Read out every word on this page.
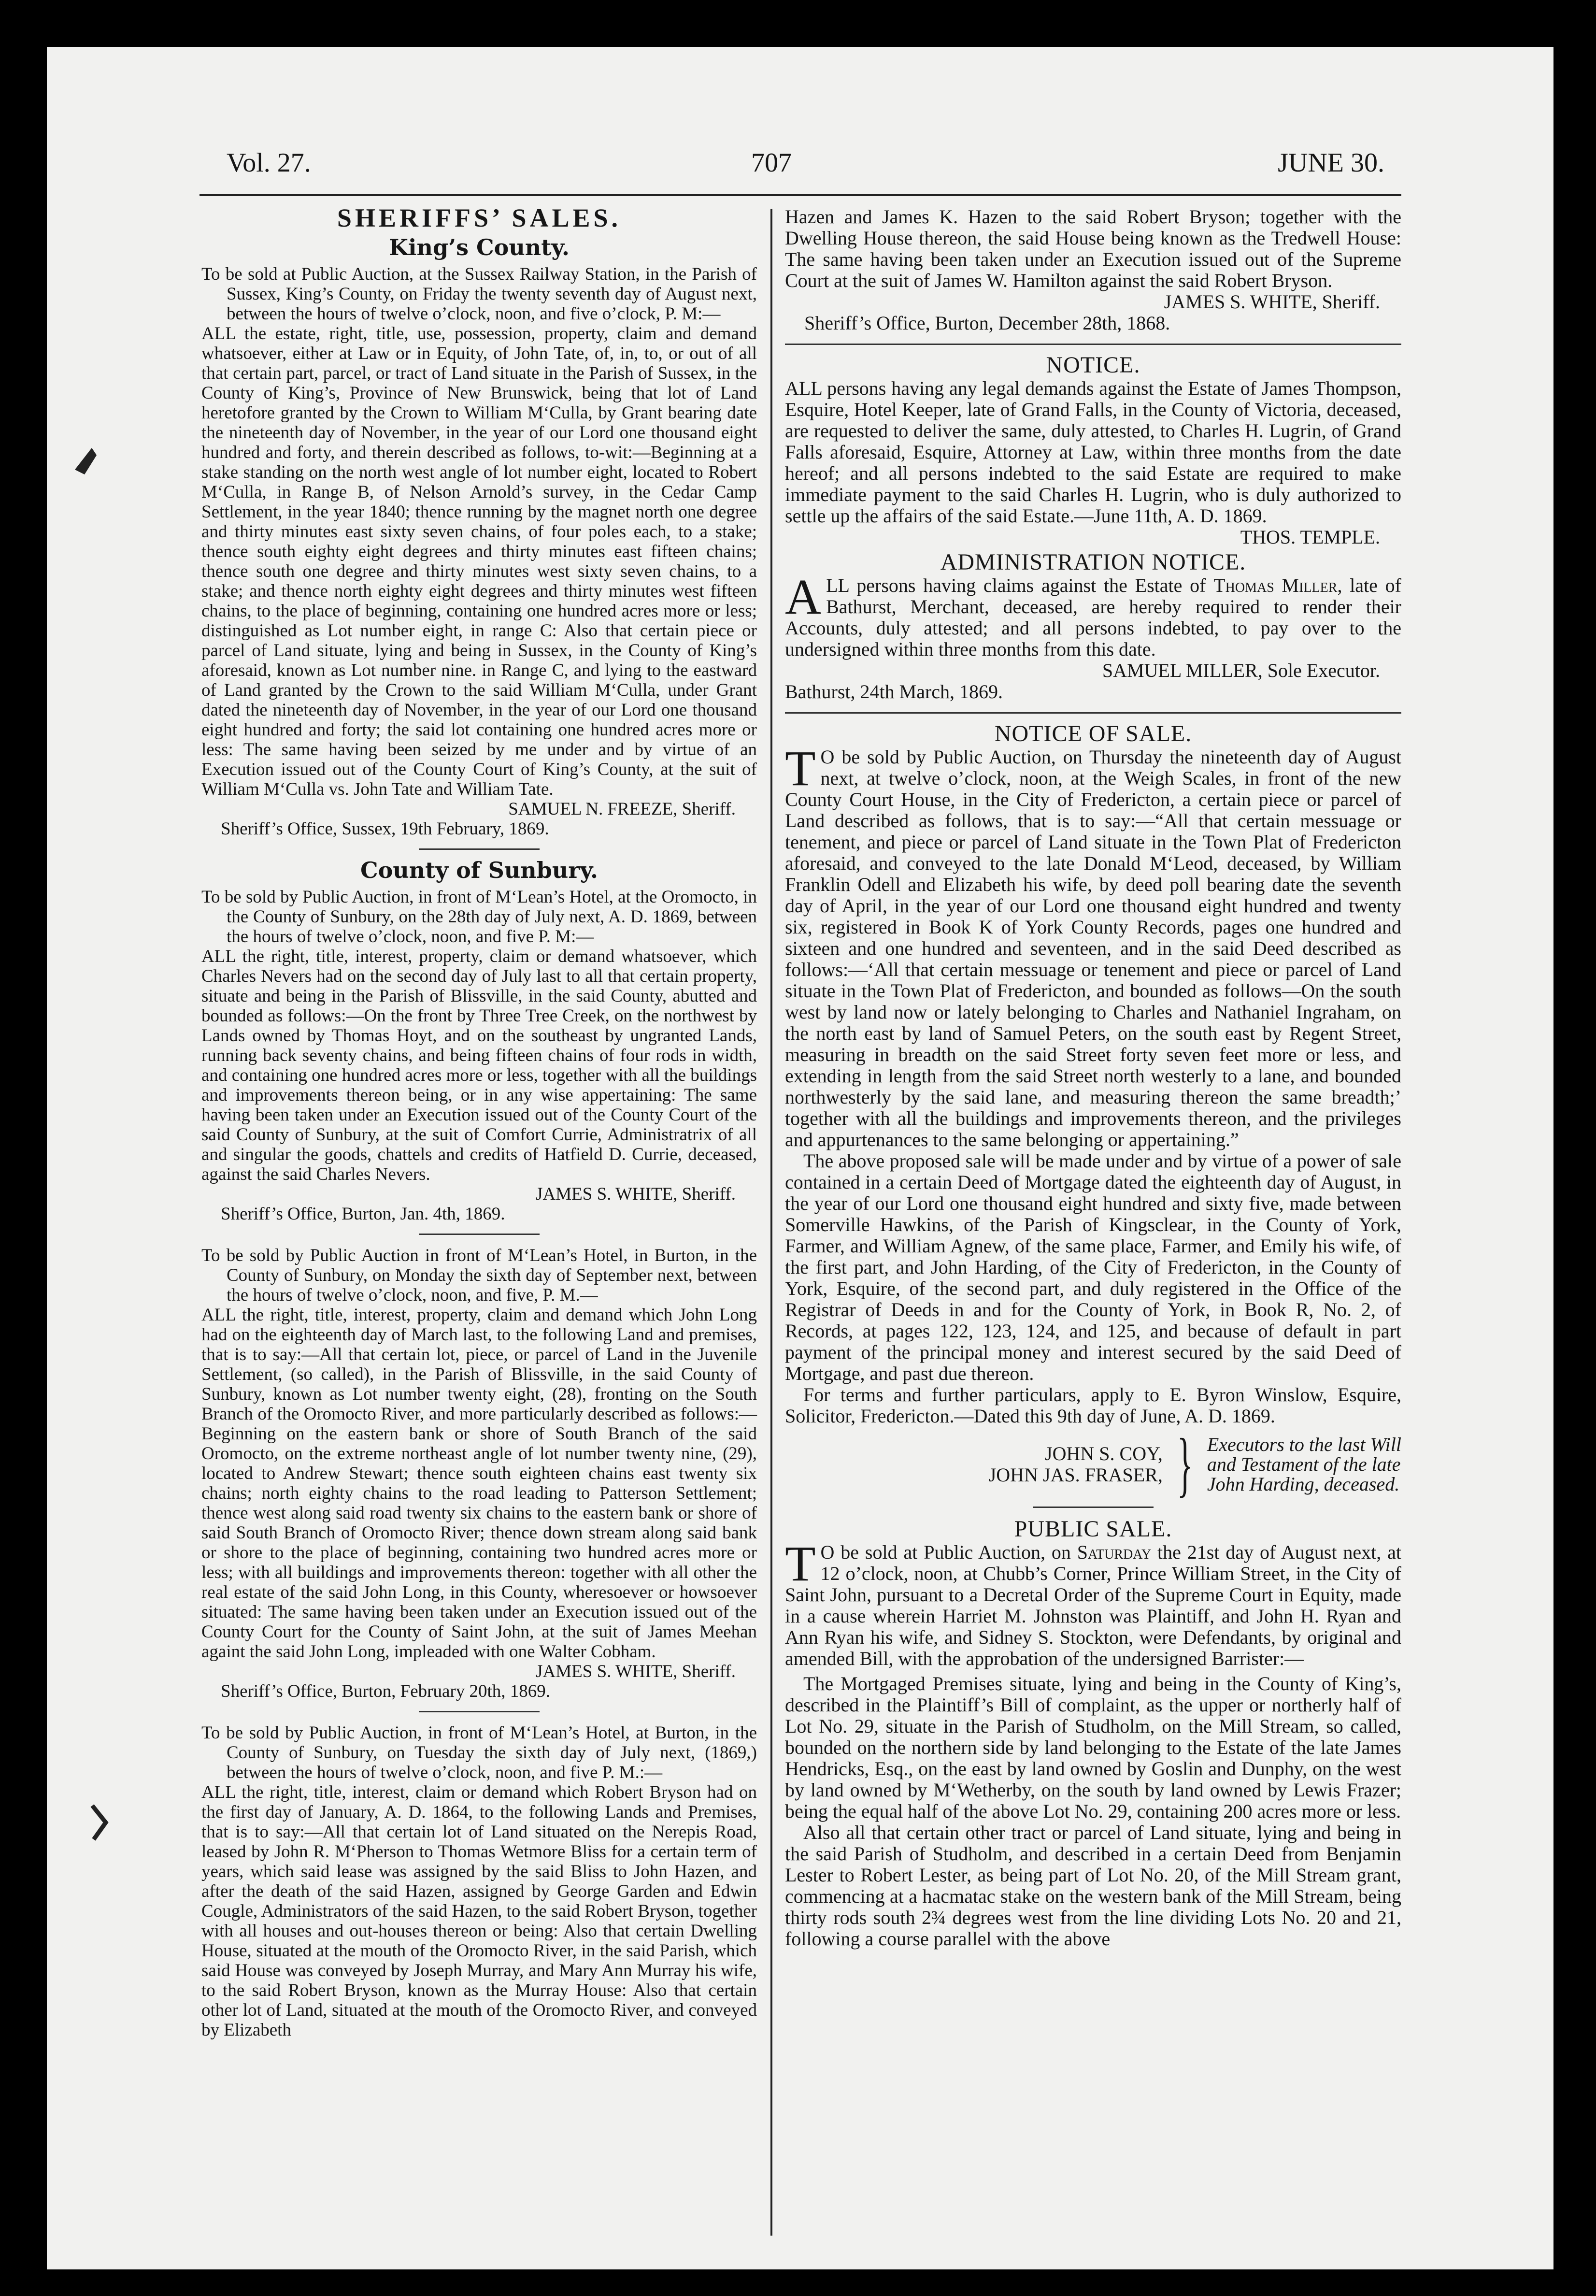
Vol. 27.	707	JUNE 30.
SHERIFFS’ SALES.
King’s County.

To be sold at Public Auction, at the Sussex Railway Station, in the Parish of Sussex, King’s County, on Friday the twenty seventh day of August next, between the hours of twelve o’clock, noon, and five o’clock, P. M:—

ALL the estate, right, title, use, possession, property, claim and demand whatsoever, either at Law or in Equity, of John Tate, of, in, to, or out of all that certain part, parcel, or tract of Land situate in the Parish of Sussex, in the County of King’s, Province of New Brunswick, being that lot of Land heretofore granted by the Crown to William M‘Culla, by Grant bearing date the nineteenth day of November, in the year of our Lord one thousand eight hundred and forty, and therein described as follows, to-wit:—Beginning at a stake standing on the north west angle of lot number eight, located to Robert M‘Culla, in Range B, of Nelson Arnold’s survey, in the Cedar Camp Settlement, in the year 1840; thence running by the magnet north one degree and thirty minutes east sixty seven chains, of four poles each, to a stake; thence south eighty eight degrees and thirty minutes east fifteen chains; thence south one degree and thirty minutes west sixty seven chains, to a stake; and thence north eighty eight degrees and thirty minutes west fifteen chains, to the place of beginning, containing one hundred acres more or less; distinguished as Lot number eight, in range C: Also that certain piece or parcel of Land situate, lying and being in Sussex, in the County of King’s aforesaid, known as Lot number nine. in Range C, and lying to the eastward of Land granted by the Crown to the said William M‘Culla, under Grant dated the nineteenth day of November, in the year of our Lord one thousand eight hundred and forty; the said lot containing one hundred acres more or less: The same having been seized by me under and by virtue of an Execution issued out of the County Court of King’s County, at the suit of William M‘Culla vs. John Tate and William Tate.

SAMUEL N. FREEZE, Sheriff.

Sheriff’s Office, Sussex, 19th February, 1869.

County of Sunbury.

To be sold by Public Auction, in front of M‘Lean’s Hotel, at the Oromocto, in the County of Sunbury, on the 28th day of July next, A. D. 1869, between the hours of twelve o’clock, noon, and five P. M:—

ALL the right, title, interest, property, claim or demand whatsoever, which Charles Nevers had on the second day of July last to all that certain property, situate and being in the Parish of Blissville, in the said County, abutted and bounded as follows:—On the front by Three Tree Creek, on the northwest by Lands owned by Thomas Hoyt, and on the southeast by ungranted Lands, running back seventy chains, and being fifteen chains of four rods in width, and containing one hundred acres more or less, together with all the buildings and improvements thereon being, or in any wise appertaining: The same having been taken under an Execution issued out of the County Court of the said County of Sunbury, at the suit of Comfort Currie, Administratrix of all and singular the goods, chattels and credits of Hatfield D. Currie, deceased, against the said Charles Nevers.

JAMES S. WHITE, Sheriff.

Sheriff’s Office, Burton, Jan. 4th, 1869.

To be sold by Public Auction in front of M‘Lean’s Hotel, in Burton, in the County of Sunbury, on Monday the sixth day of September next, between the hours of twelve o’clock, noon, and five, P. M.—

ALL the right, title, interest, property, claim and demand which John Long had on the eighteenth day of March last, to the following Land and premises, that is to say:—All that certain lot, piece, or parcel of Land in the Juvenile Settlement, (so called), in the Parish of Blissville, in the said County of Sunbury, known as Lot number twenty eight, (28), fronting on the South Branch of the Oromocto River, and more particularly described as follows:—Beginning on the eastern bank or shore of South Branch of the said Oromocto, on the extreme northeast angle of lot number twenty nine, (29), located to Andrew Stewart; thence south eighteen chains east twenty six chains; north eighty chains to the road leading to Patterson Settlement; thence west along said road twenty six chains to the eastern bank or shore of said South Branch of Oromocto River; thence down stream along said bank or shore to the place of beginning, containing two hundred acres more or less; with all buildings and improvements thereon: together with all other the real estate of the said John Long, in this County, wheresoever or howsoever situated: The same having been taken under an Execution issued out of the County Court for the County of Saint John, at the suit of James Meehan againt the said John Long, impleaded with one Walter Cobham.

JAMES S. WHITE, Sheriff.

Sheriff’s Office, Burton, February 20th, 1869.

To be sold by Public Auction, in front of M‘Lean’s Hotel, at Burton, in the County of Sunbury, on Tuesday the sixth day of July next, (1869,) between the hours of twelve o’clock, noon, and five P. M.:—

ALL the right, title, interest, claim or demand which Robert Bryson had on the first day of January, A. D. 1864, to the following Lands and Premises, that is to say:—All that certain lot of Land situated on the Nerepis Road, leased by John R. M‘Pherson to Thomas Wetmore Bliss for a certain term of years, which said lease was assigned by the said Bliss to John Hazen, and after the death of the said Hazen, assigned by George Garden and Edwin Cougle, Administrators of the said Hazen, to the said Robert Bryson, together with all houses and out-houses thereon or being: Also that certain Dwelling House, situated at the mouth of the Oromocto River, in the said Parish, which said House was conveyed by Joseph Murray, and Mary Ann Murray his wife, to the said Robert Bryson, known as the Murray House: Also that certain other lot of Land, situated at the mouth of the Oromocto River, and conveyed by Elizabeth

Hazen and James K. Hazen to the said Robert Bryson; together with the Dwelling House thereon, the said House being known as the Tredwell House: The same having been taken under an Execution issued out of the Supreme Court at the suit of James W. Hamilton against the said Robert Bryson.

JAMES S. WHITE, Sheriff.

Sheriff’s Office, Burton, December 28th, 1868.

NOTICE.

ALL persons having any legal demands against the Estate of James Thompson, Esquire, Hotel Keeper, late of Grand Falls, in the County of Victoria, deceased, are requested to deliver the same, duly attested, to Charles H. Lugrin, of Grand Falls aforesaid, Esquire, Attorney at Law, within three months from the date hereof; and all persons indebted to the said Estate are required to make immediate payment to the said Charles H. Lugrin, who is duly authorized to settle up the affairs of the said Estate.—June 11th, A. D. 1869.

THOS. TEMPLE.

ADMINISTRATION NOTICE.

ALL persons having claims against the Estate of Thomas Miller, late of Bathurst, Merchant, deceased, are hereby required to render their Accounts, duly attested; and all persons indebted, to pay over to the undersigned within three months from this date.

SAMUEL MILLER, Sole Executor.

Bathurst, 24th March, 1869.

NOTICE OF SALE.

T O be sold by Public Auction, on Thursday the nineteenth day of August next, at twelve o’clock, noon, at the Weigh Scales, in front of the new County Court House, in the City of Fredericton, a certain piece or parcel of Land described as follows, that is to say:—“All that certain messuage or tenement, and piece or parcel of Land situate in the Town Plat of Fredericton aforesaid, and conveyed to the late Donald M‘Leod, deceased, by William Franklin Odell and Elizabeth his wife, by deed poll bearing date the seventh day of April, in the year of our Lord one thousand eight hundred and twenty six, registered in Book K of York County Records, pages one hundred and sixteen and one hundred and seventeen, and in the said Deed described as follows:—‘All that certain messuage or tenement and piece or parcel of Land situate in the Town Plat of Fredericton, and bounded as follows—On the south west by land now or lately belonging to Charles and Nathaniel Ingraham, on the north east by land of Samuel Peters, on the south east by Regent Street, measuring in breadth on the said Street forty seven feet more or less, and extending in length from the said Street north westerly to a lane, and bounded northwesterly by the said lane, and measuring thereon the same breadth;’ together with all the buildings and improvements thereon, and the privileges and appurtenances to the same belonging or appertaining.”

The above proposed sale will be made under and by virtue of a power of sale contained in a certain Deed of Mortgage dated the eighteenth day of August, in the year of our Lord one thousand eight hundred and sixty five, made between Somerville Hawkins, of the Parish of Kingsclear, in the County of York, Farmer, and William Agnew, of the same place, Farmer, and Emily his wife, of the first part, and John Harding, of the City of Fredericton, in the County of York, Esquire, of the second part, and duly registered in the Office of the Registrar of Deeds in and for the County of York, in Book R, No. 2, of Records, at pages 122, 123, 124, and 125, and because of default in part payment of the principal money and interest secured by the said Deed of Mortgage, and past due thereon.

For terms and further particulars, apply to E. Byron Winslow, Esquire, Solicitor, Fredericton.—Dated this 9th day of June, A. D. 1869.

JOHN S. COY,
JOHN JAS. FRASER, } Executors to the last Will
and Testament of the late
John Harding, deceased.
PUBLIC SALE.

T O be sold at Public Auction, on Saturday the 21st day of August next, at 12 o’clock, noon, at Chubb’s Corner, Prince William Street, in the City of Saint John, pursuant to a Decretal Order of the Supreme Court in Equity, made in a cause wherein Harriet M. Johnston was Plaintiff, and John H. Ryan and Ann Ryan his wife, and Sidney S. Stockton, were Defendants, by original and amended Bill, with the approbation of the undersigned Barrister:—

The Mortgaged Premises situate, lying and being in the County of King’s, described in the Plaintiff’s Bill of complaint, as the upper or northerly half of Lot No. 29, situate in the Parish of Studholm, on the Mill Stream, so called, bounded on the northern side by land belonging to the Estate of the late James Hendricks, Esq., on the east by land owned by Goslin and Dunphy, on the west by land owned by M‘Wetherby, on the south by land owned by Lewis Frazer; being the equal half of the above Lot No. 29, containing 200 acres more or less.

Also all that certain other tract or parcel of Land situate, lying and being in the said Parish of Studholm, and described in a certain Deed from Benjamin Lester to Robert Lester, as being part of Lot No. 20, of the Mill Stream grant, commencing at a hacmatac stake on the western bank of the Mill Stream, being thirty rods south 2¾ degrees west from the line dividing Lots No. 20 and 21, following a course parallel with the above
